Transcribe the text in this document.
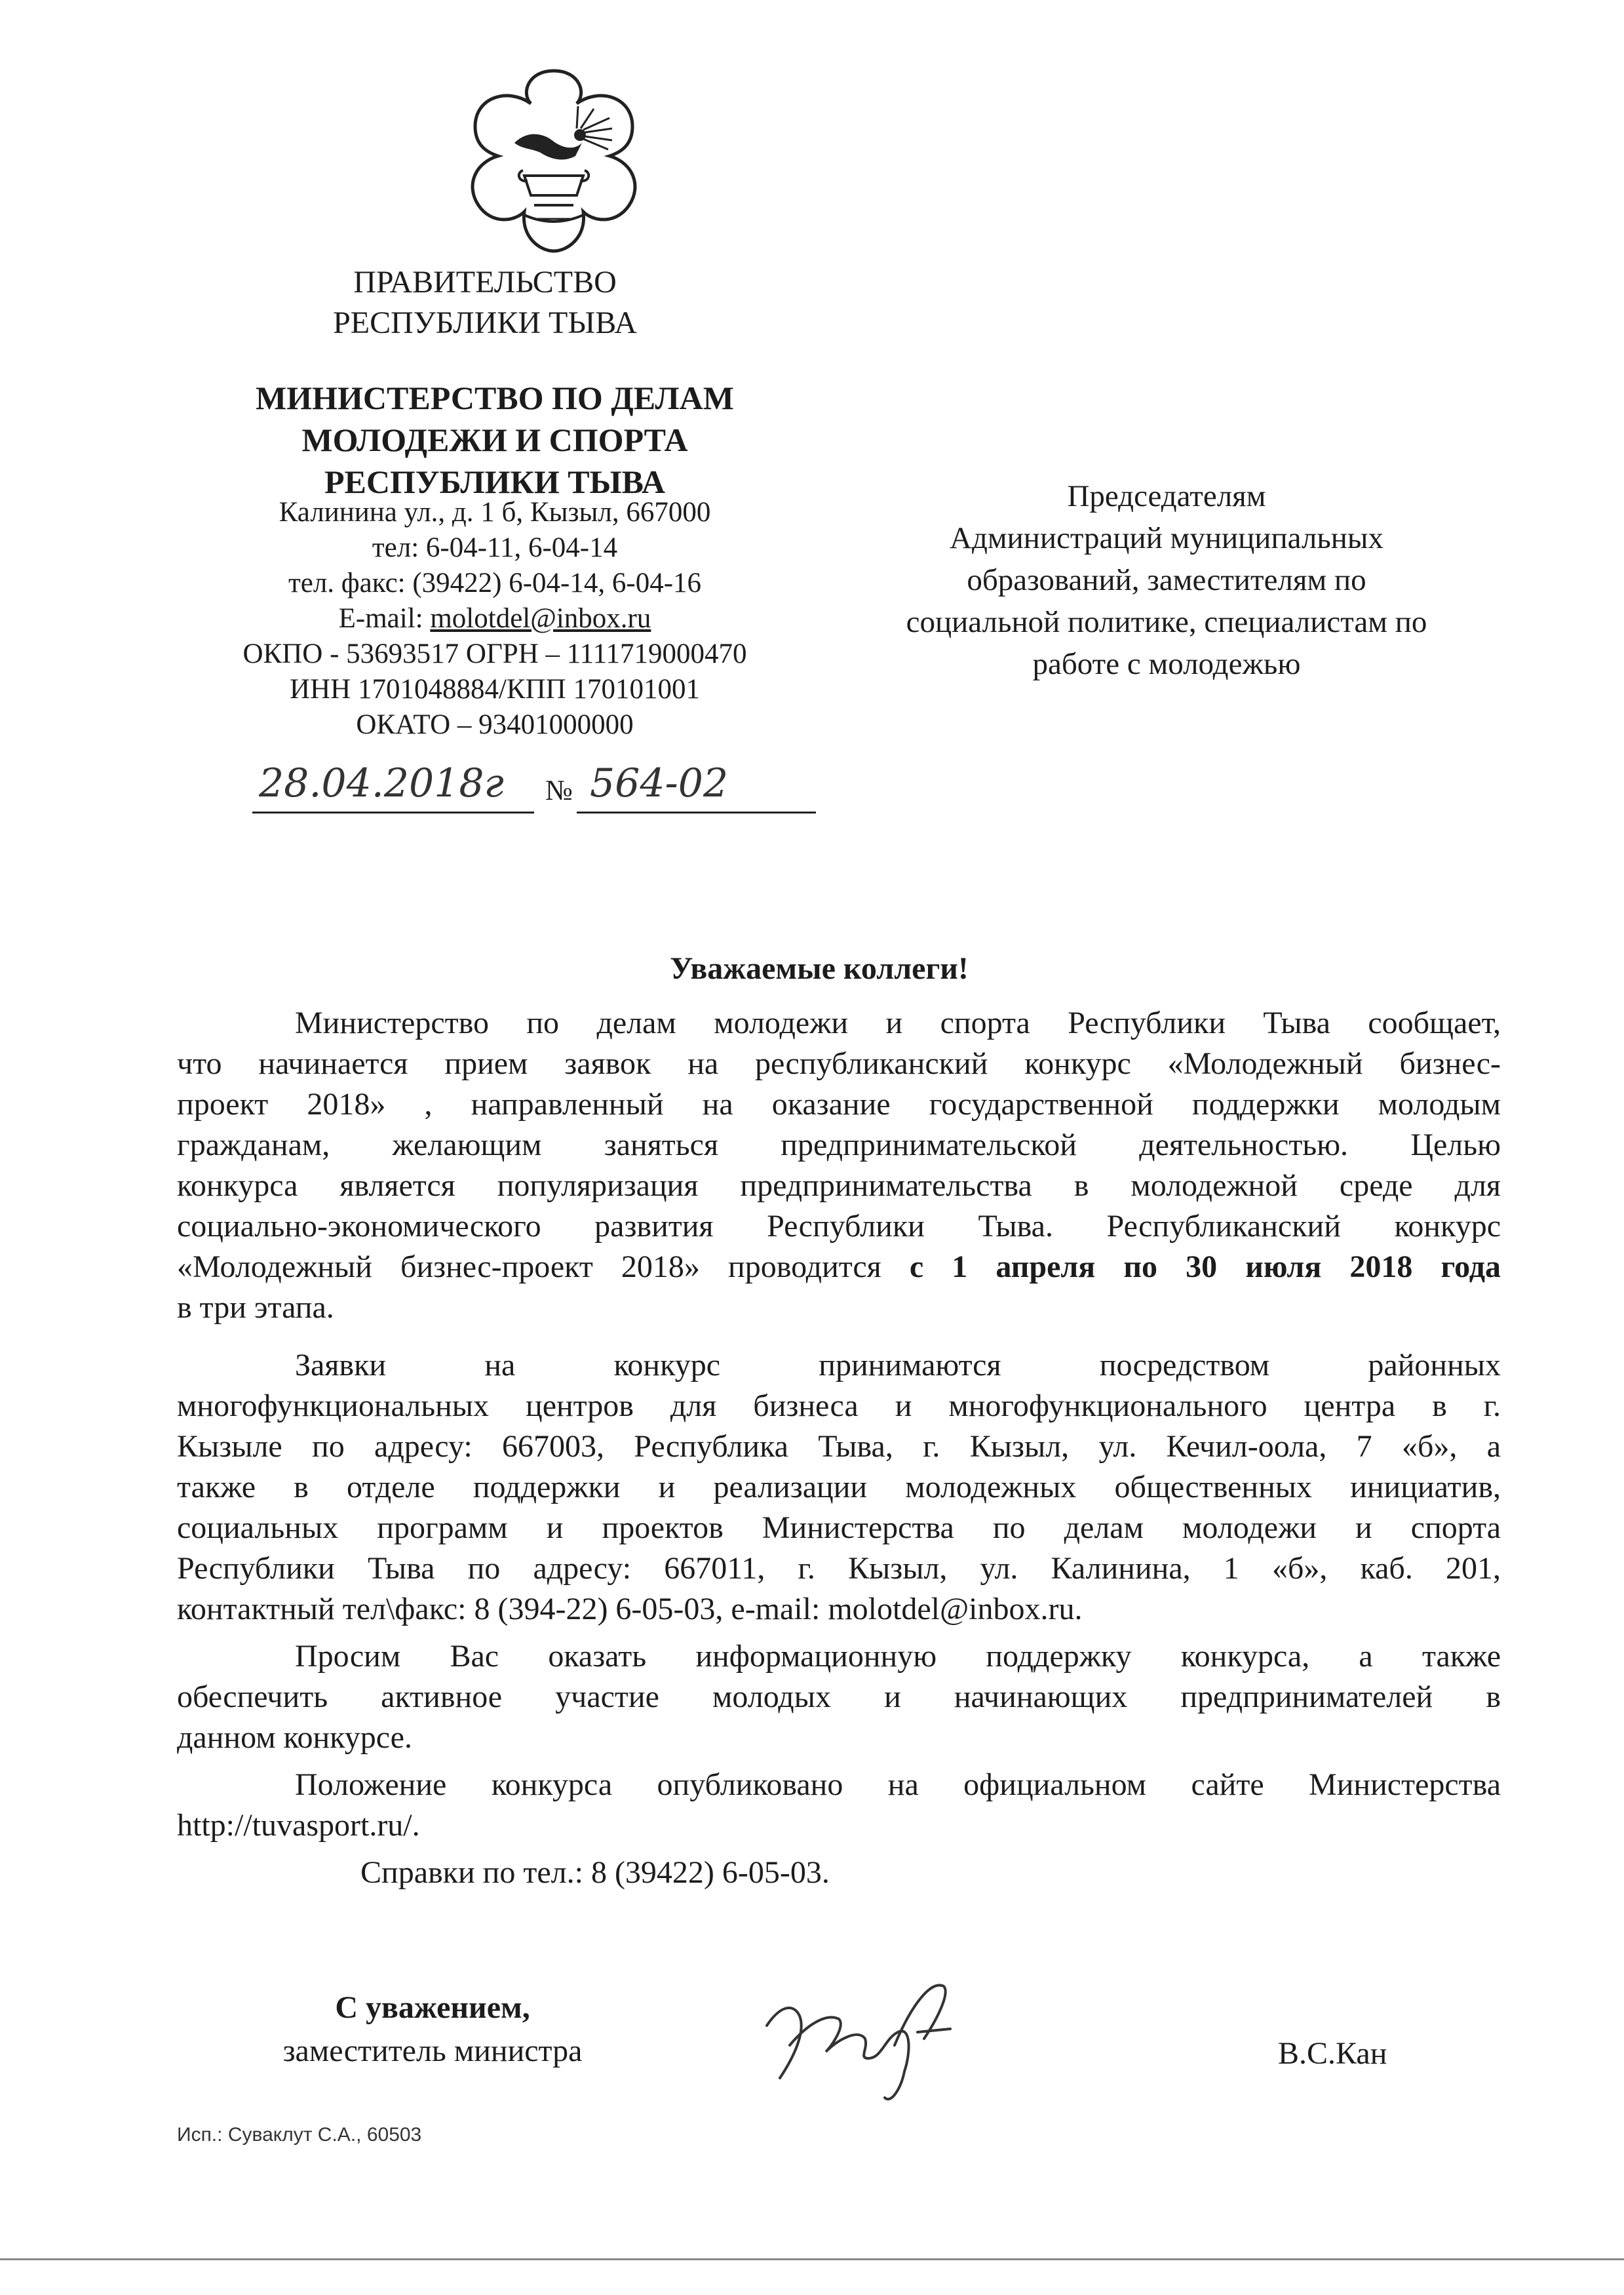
ПРАВИТЕЛЬСТВО
РЕСПУБЛИКИ ТЫВА
МИНИСТЕРСТВО ПО ДЕЛАМ
МОЛОДЕЖИ И СПОРТА
РЕСПУБЛИКИ ТЫВА
Калинина ул., д. 1 б, Кызыл, 667000
тел: 6-04-11, 6-04-14
тел. факс: (39422) 6-04-14, 6-04-16
E-mail: molotdel@inbox.ru
ОКПО - 53693517 ОГРН – 1111719000470
ИНН 1701048884/КПП 170101001
ОКАТО – 93401000000
28.04.2018г № 564-02
Председателям
Администраций муниципальных
образований, заместителям по
социальной политике, специалистам по
работе с молодежью
Уважаемые коллеги!
Министерство по делам молодежи и спорта Республики Тыва сообщает,
что начинается прием заявок на республиканский конкурс «Молодежный бизнес-
проект 2018» , направленный на оказание государственной поддержки молодым
гражданам, желающим заняться предпринимательской деятельностью. Целью
конкурса является популяризация предпринимательства в молодежной среде для
социально-экономического развития Республики Тыва. Республиканский конкурс
«Молодежный бизнес-проект 2018» проводится с 1 апреля по 30 июля 2018 года
в три этапа.
Заявки на конкурс принимаются посредством районных
многофункциональных центров для бизнеса и многофункционального центра в г.
Кызыле по адресу: 667003, Республика Тыва, г. Кызыл, ул. Кечил-оола, 7 «б», а
также в отделе поддержки и реализации молодежных общественных инициатив,
социальных программ и проектов Министерства по делам молодежи и спорта
Республики Тыва по адресу: 667011, г. Кызыл, ул. Калинина, 1 «б», каб. 201,
контактный тел\факс: 8 (394-22) 6-05-03, e-mail: molotdel@inbox.ru.
Просим Вас оказать информационную поддержку конкурса, а также
обеспечить активное участие молодых и начинающих предпринимателей в
данном конкурсе.
Положение конкурса опубликовано на официальном сайте Министерства
http://tuvasport.ru/.
Справки по тел.: 8 (39422) 6-05-03.
С уважением,
заместитель министра	В.С.Кан
Исп.: Суваклут С.А., 60503
